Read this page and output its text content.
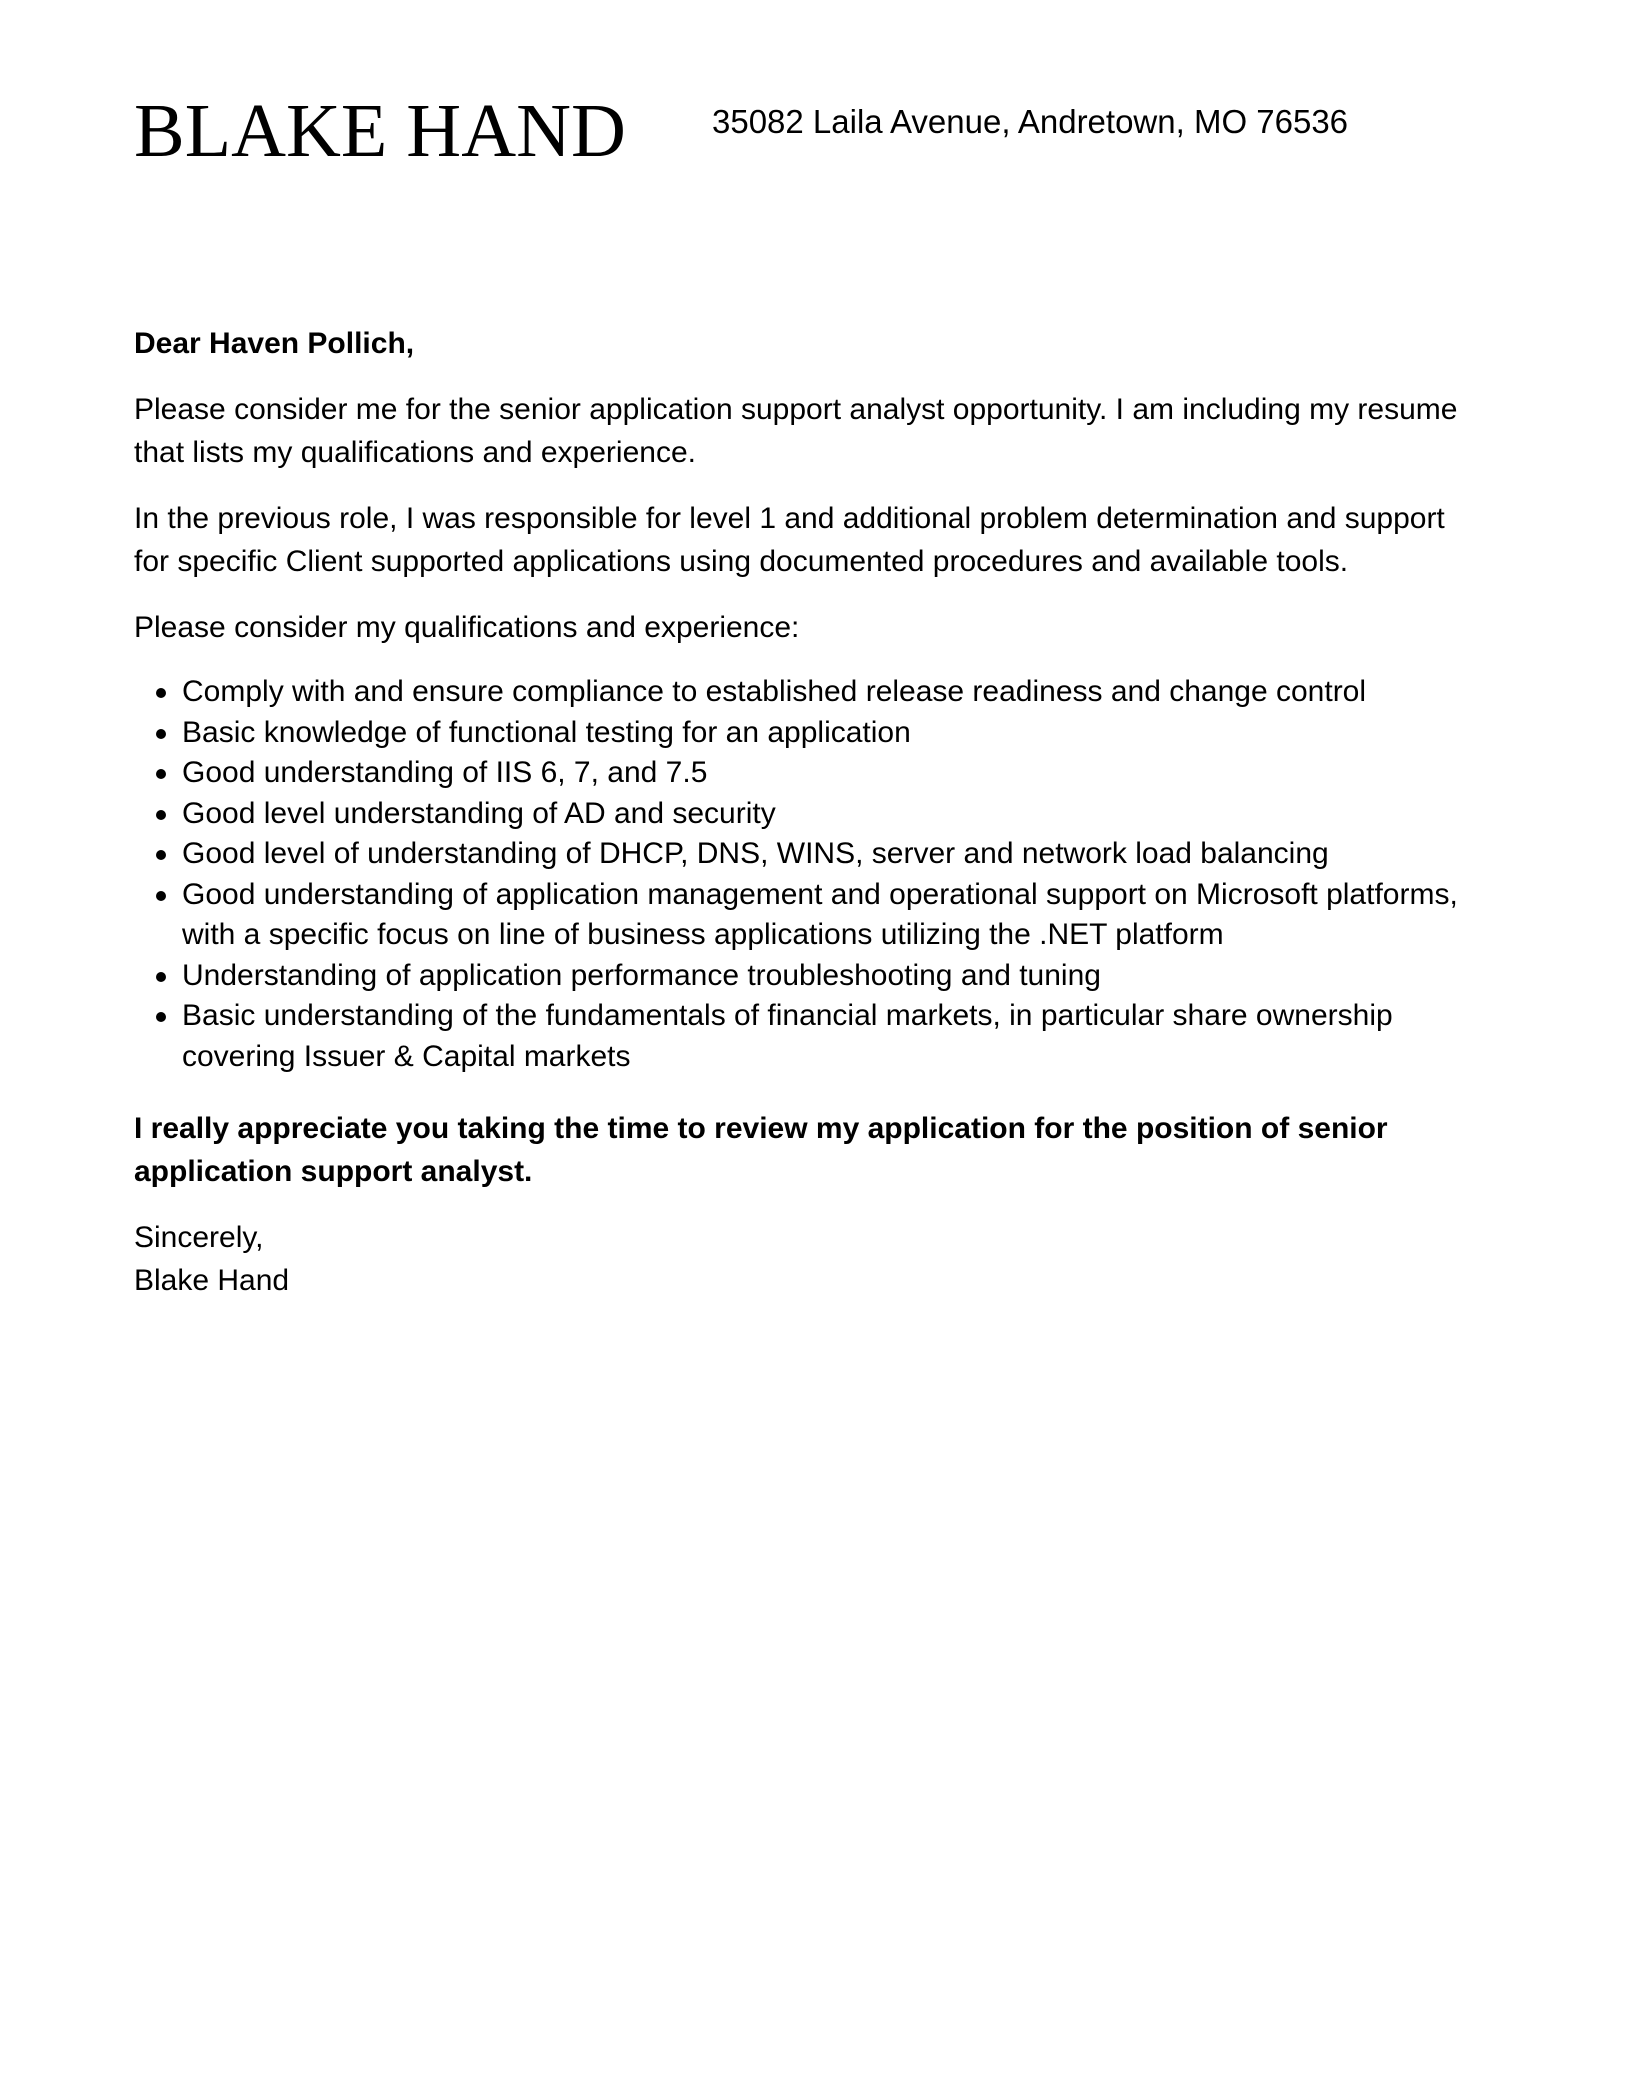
BLAKE HAND	35082 Laila Avenue, Andretown, MO 76536

Dear Haven Pollich,

Please consider me for the senior application support analyst opportunity. I am including my resume that lists my qualifications and experience.

In the previous role, I was responsible for level 1 and additional problem determination and support for specific Client supported applications using documented procedures and available tools.

Please consider my qualifications and experience:

Comply with and ensure compliance to established release readiness and change control
Basic knowledge of functional testing for an application
Good understanding of IIS 6, 7, and 7.5
Good level understanding of AD and security
Good level of understanding of DHCP, DNS, WINS, server and network load balancing
Good understanding of application management and operational support on Microsoft platforms, with a specific focus on line of business applications utilizing the .NET platform
Understanding of application performance troubleshooting and tuning
Basic understanding of the fundamentals of financial markets, in particular share ownership covering Issuer & Capital markets

I really appreciate you taking the time to review my application for the position of senior application support analyst.

Sincerely,
Blake Hand
